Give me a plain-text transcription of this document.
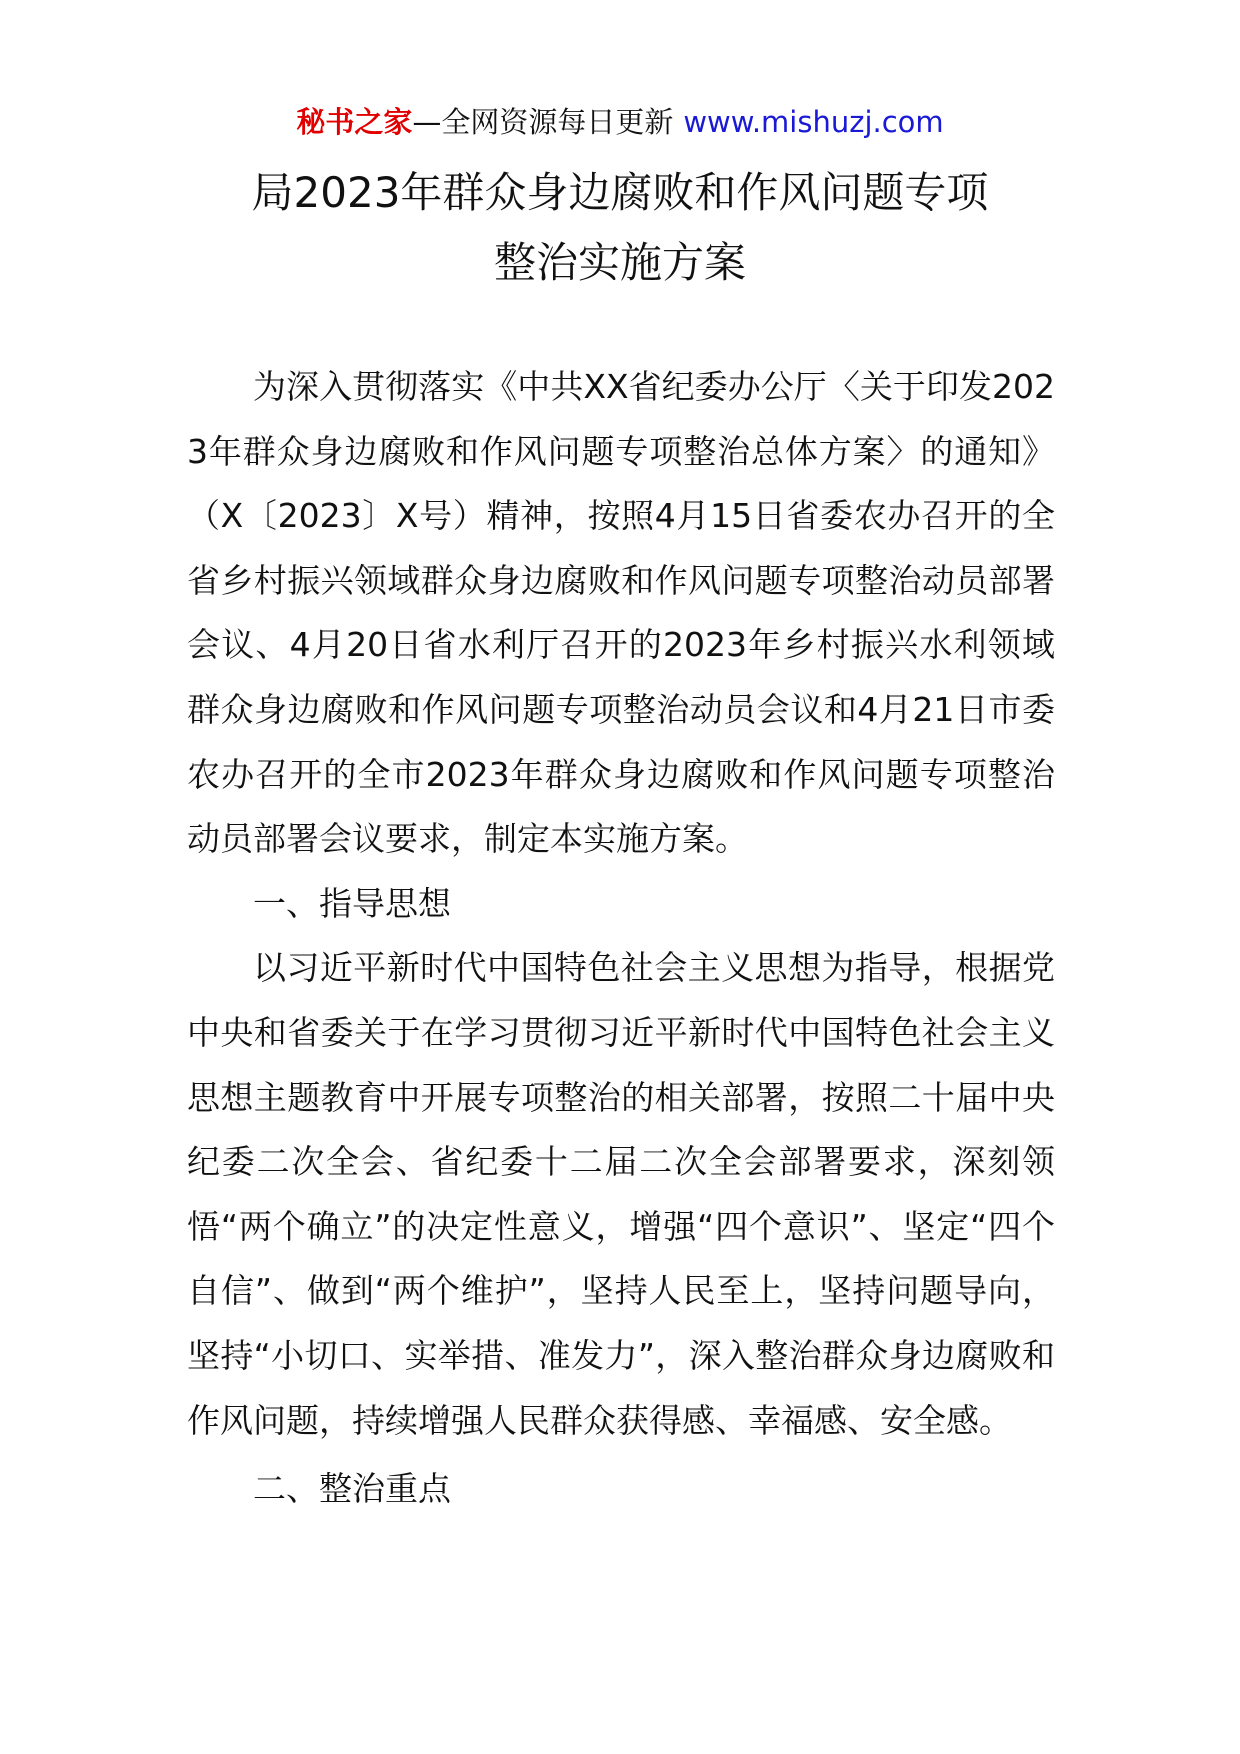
秘书之家—全网资源每日更新 www.mishuzj.com
局2023年群众身边腐败和作风问题专项
整治实施方案

为深入贯彻落实《中共XX省纪委办公厅〈关于印发2023年群众身边腐败和作风问题专项整治总体方案〉的通知》（X〔2023〕X号）精神，按照4月15日省委农办召开的全省乡村振兴领域群众身边腐败和作风问题专项整治动员部署会议、4月20日省水利厅召开的2023年乡村振兴水利领域群众身边腐败和作风问题专项整治动员会议和4月21日市委农办召开的全市2023年群众身边腐败和作风问题专项整治动员部署会议要求，制定本实施方案。

一、指导思想

以习近平新时代中国特色社会主义思想为指导，根据党中央和省委关于在学习贯彻习近平新时代中国特色社会主义思想主题教育中开展专项整治的相关部署，按照二十届中央纪委二次全会、省纪委十二届二次全会部署要求，深刻领悟“两个确立”的决定性意义，增强“四个意识”、坚定“四个自信”、做到“两个维护”，坚持人民至上，坚持问题导向，坚持“小切口、实举措、准发力”，深入整治群众身边腐败和作风问题，持续增强人民群众获得感、幸福感、安全感。

二、整治重点
